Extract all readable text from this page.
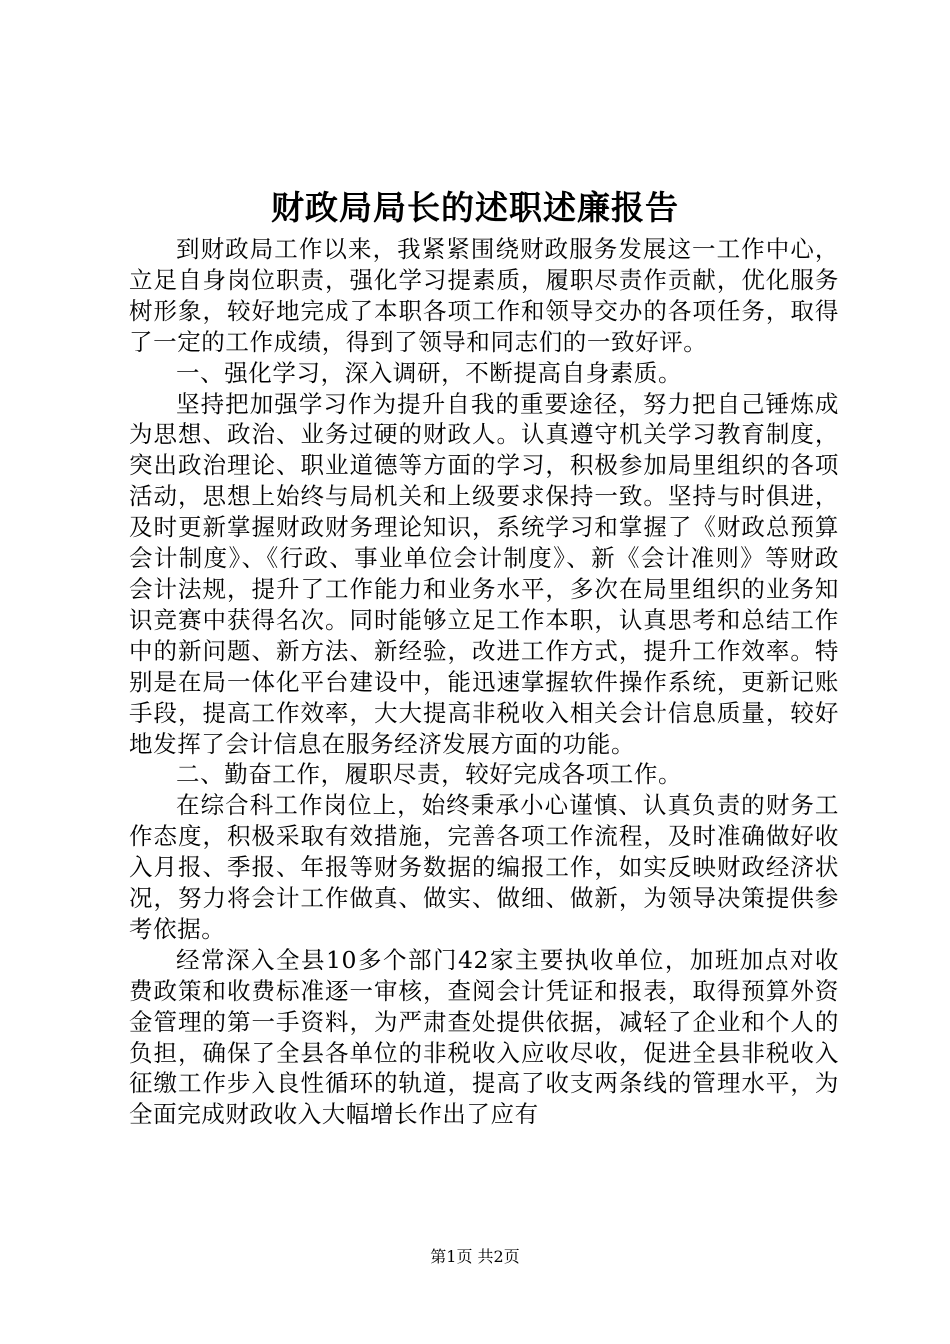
财政局局长的述职述廉报告

到财政局工作以来，我紧紧围绕财政服务发展这一工作中心，立足自身岗位职责，强化学习提素质，履职尽责作贡献，优化服务树形象，较好地完成了本职各项工作和领导交办的各项任务，取得了一定的工作成绩，得到了领导和同志们的一致好评。

一、强化学习，深入调研，不断提高自身素质。

坚持把加强学习作为提升自我的重要途径，努力把自己锤炼成为思想、政治、业务过硬的财政人。认真遵守机关学习教育制度，突出政治理论、职业道德等方面的学习，积极参加局里组织的各项活动，思想上始终与局机关和上级要求保持一致。坚持与时俱进，及时更新掌握财政财务理论知识，系统学习和掌握了《财政总预算会计制度》、《行政、事业单位会计制度》、新《会计准则》等财政会计法规，提升了工作能力和业务水平，多次在局里组织的业务知识竞赛中获得名次。同时能够立足工作本职，认真思考和总结工作中的新问题、新方法、新经验，改进工作方式，提升工作效率。特别是在局一体化平台建设中，能迅速掌握软件操作系统，更新记账手段，提高工作效率，大大提高非税收入相关会计信息质量，较好地发挥了会计信息在服务经济发展方面的功能。

二、勤奋工作，履职尽责，较好完成各项工作。

在综合科工作岗位上，始终秉承小心谨慎、认真负责的财务工作态度，积极采取有效措施，完善各项工作流程，及时准确做好收入月报、季报、年报等财务数据的编报工作，如实反映财政经济状况，努力将会计工作做真、做实、做细、做新，为领导决策提供参考依据。

经常深入全县10多个部门42家主要执收单位，加班加点对收费政策和收费标准逐一审核，查阅会计凭证和报表，取得预算外资金管理的第一手资料，为严肃查处提供依据，减轻了企业和个人的负担，确保了全县各单位的非税收入应收尽收，促进全县非税收入征缴工作步入良性循环的轨道，提高了收支两条线的管理水平，为全面完成财政收入大幅增长作出了应有

第1页 共2页
